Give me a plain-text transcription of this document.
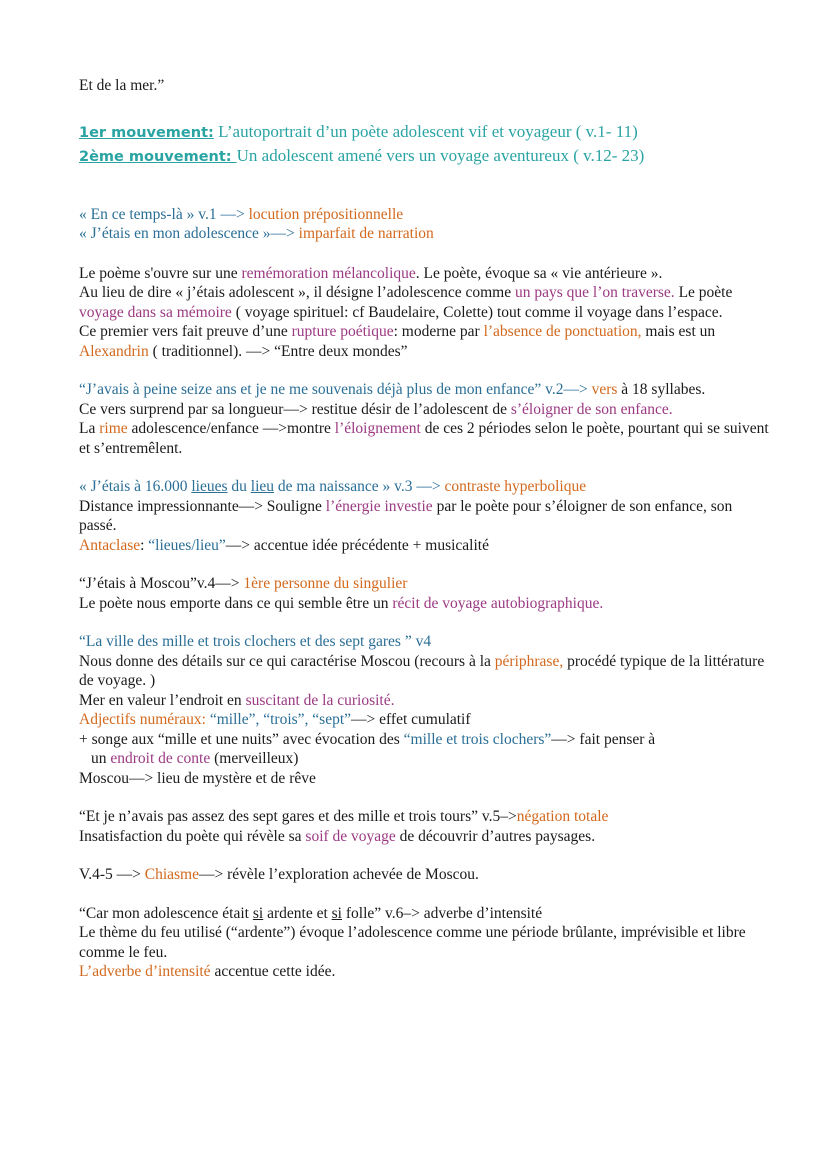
Et de la mer.”

1er mouvement: L’autoportrait d’un poète adolescent vif et voyageur ( v.1- 11)

2ème mouvement: Un adolescent amené vers un voyage aventureux ( v.12- 23)

« En ce temps-là » v.1 —> locution prépositionnelle

« J’étais en mon adolescence »—> imparfait de narration

Le poème s'ouvre sur une remémoration mélancolique. Le poète, évoque sa « vie antérieure ».

Au lieu de dire « j’étais adolescent », il désigne l’adolescence comme un pays que l’on traverse. Le poète voyage dans sa mémoire ( voyage spirituel: cf Baudelaire, Colette) tout comme il voyage dans l’espace.

Ce premier vers fait preuve d’une rupture poétique: moderne par l’absence de ponctuation, mais est un Alexandrin ( traditionnel). —> “Entre deux mondes”

“J’avais à peine seize ans et je ne me souvenais déjà plus de mon enfance” v.2—> vers à 18 syllabes.

Ce vers surprend par sa longueur—> restitue désir de l’adolescent de s’éloigner de son enfance.

La rime adolescence/enfance —>montre l’éloignement de ces 2 périodes selon le poète, pourtant qui se suivent et s’entremêlent.

« J’étais à 16.000 lieues du lieu de ma naissance » v.3 —> contraste hyperbolique

Distance impressionnante—> Souligne l’énergie investie par le poète pour s’éloigner de son enfance, son passé.

Antaclase: “lieues/lieu”—> accentue idée précédente + musicalité

“J’étais à Moscou”v.4—> 1ère personne du singulier

Le poète nous emporte dans ce qui semble être un récit de voyage autobiographique.

“La ville des mille et trois clochers et des sept gares ” v4

Nous donne des détails sur ce qui caractérise Moscou (recours à la périphrase, procédé typique de la littérature de voyage. )

Mer en valeur l’endroit en suscitant de la curiosité.

Adjectifs numéraux: “mille”, “trois”, “sept”—> effet cumulatif

+ songe aux “mille et une nuits” avec évocation des “mille et trois clochers”—> fait penser à

un endroit de conte (merveilleux)

Moscou—> lieu de mystère et de rêve

“Et je n’avais pas assez des sept gares et des mille et trois tours” v.5–>négation totale

Insatisfaction du poète qui révèle sa soif de voyage de découvrir d’autres paysages.

V.4-5 —> Chiasme—> révèle l’exploration achevée de Moscou.

“Car mon adolescence était si ardente et si folle” v.6–> adverbe d’intensité

Le thème du feu utilisé (“ardente”) évoque l’adolescence comme une période brûlante, imprévisible et libre comme le feu.

L’adverbe d’intensité accentue cette idée.
